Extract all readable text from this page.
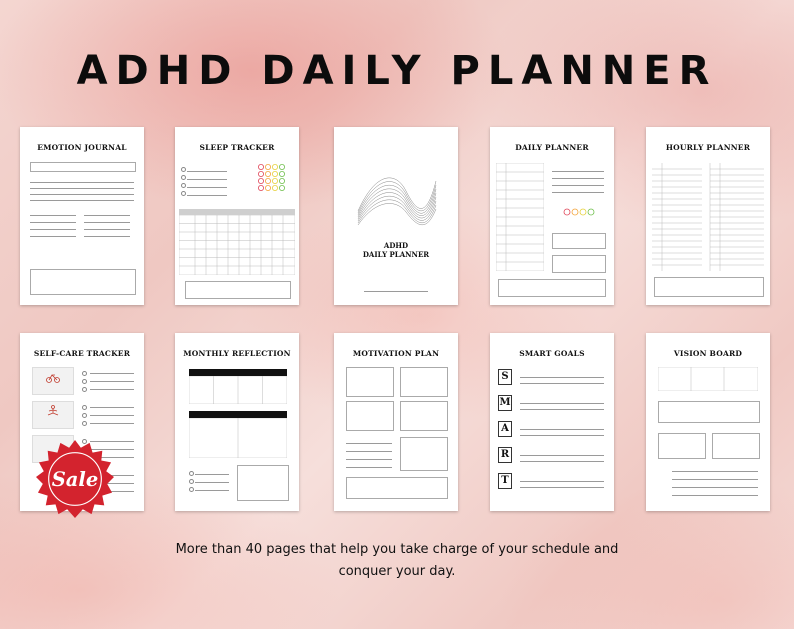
ADHD DAILY PLANNER
EMOTION JOURNAL	SLEEP TRACKER
ADHD
DAILY PLANNER
DAILY PLANNER	HOURLY PLANNER
SELF-CARE TRACKER	MONTHLY REFLECTION	MOTIVATION PLAN	SMART GOALS
S
M
A
R
T
VISION BOARD
Sale
More than 40 pages that help you take charge of your schedule and
conquer your day.
